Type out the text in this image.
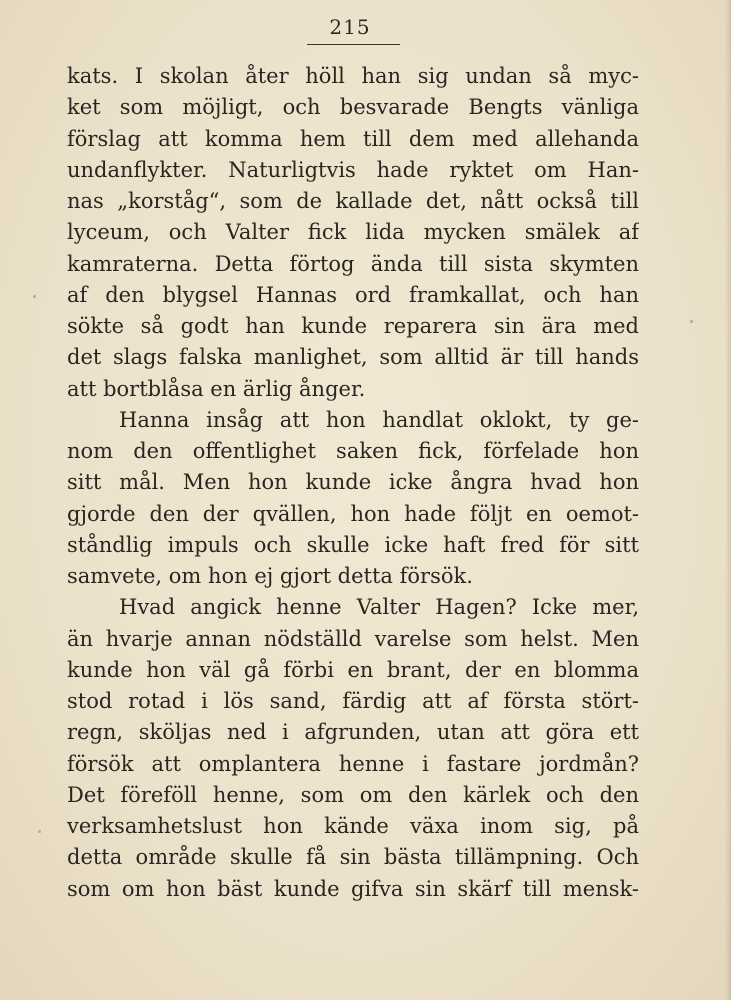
215
kats. I skolan åter höll han sig undan så myc-
ket som möjligt, och besvarade Bengts vänliga
förslag att komma hem till dem med allehanda
undanflykter. Naturligtvis hade ryktet om Han-
nas „korståg“, som de kallade det, nått också till
lyceum, och Valter fick lida mycken smälek af
kamraterna. Detta förtog ända till sista skymten
af den blygsel Hannas ord framkallat, och han
sökte så godt han kunde reparera sin ära med
det slags falska manlighet, som alltid är till hands
att bortblåsa en ärlig ånger.
Hanna insåg att hon handlat oklokt, ty ge-
nom den offentlighet saken fick, förfelade hon
sitt mål. Men hon kunde icke ångra hvad hon
gjorde den der qvällen, hon hade följt en oemot-
ståndlig impuls och skulle icke haft fred för sitt
samvete, om hon ej gjort detta försök.
Hvad angick henne Valter Hagen? Icke mer,
än hvarje annan nödställd varelse som helst. Men
kunde hon väl gå förbi en brant, der en blomma
stod rotad i lös sand, färdig att af första stört-
regn, sköljas ned i afgrunden, utan att göra ett
försök att omplantera henne i fastare jordmån?
Det föreföll henne, som om den kärlek och den
verksamhetslust hon kände växa inom sig, på
detta område skulle få sin bästa tillämpning. Och
som om hon bäst kunde gifva sin skärf till mensk-
